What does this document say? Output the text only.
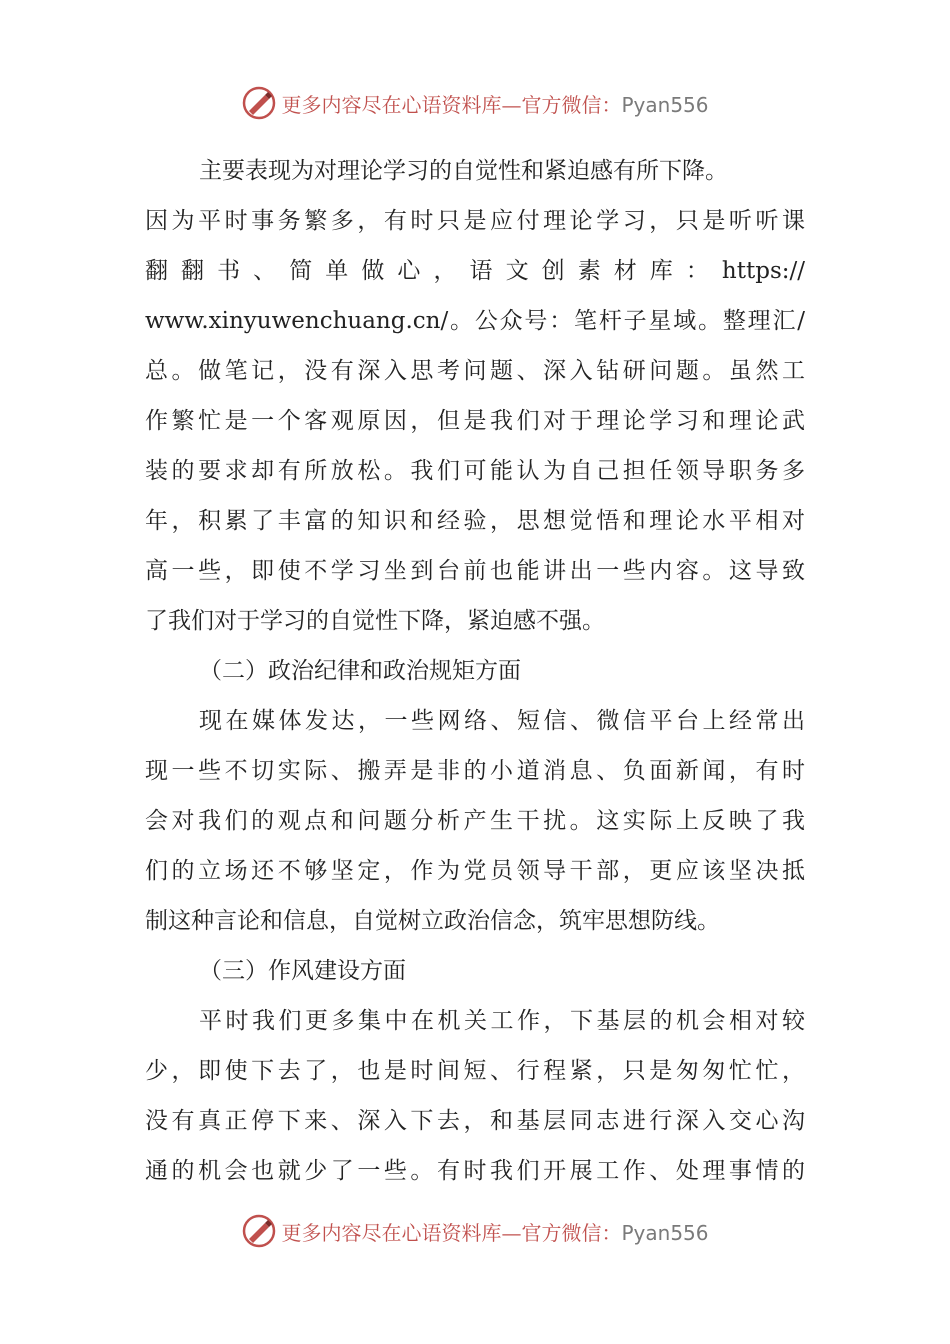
更多内容尽在心语资料库—官方微信：Pyan556
主要表现为对理论学习的自觉性和紧迫感有所下降。
因为平时事务繁多，有时只是应付理论学习，只是听听课
翻翻书、简单做心，语文创素材库：https://
www.xinyuwenchuang.cn/。公众号：笔杆子星域。整理汇/
总。做笔记，没有深入思考问题、深入钻研问题。虽然工
作繁忙是一个客观原因，但是我们对于理论学习和理论武
装的要求却有所放松。我们可能认为自己担任领导职务多
年，积累了丰富的知识和经验，思想觉悟和理论水平相对
高一些，即使不学习坐到台前也能讲出一些内容。这导致
了我们对于学习的自觉性下降，紧迫感不强。
（二）政治纪律和政治规矩方面
现在媒体发达，一些网络、短信、微信平台上经常出
现一些不切实际、搬弄是非的小道消息、负面新闻，有时
会对我们的观点和问题分析产生干扰。这实际上反映了我
们的立场还不够坚定，作为党员领导干部，更应该坚决抵
制这种言论和信息，自觉树立政治信念，筑牢思想防线。
（三）作风建设方面
平时我们更多集中在机关工作，下基层的机会相对较
少，即使下去了，也是时间短、行程紧，只是匆匆忙忙，
没有真正停下来、深入下去，和基层同志进行深入交心沟
通的机会也就少了一些。有时我们开展工作、处理事情的
更多内容尽在心语资料库—官方微信：Pyan556
